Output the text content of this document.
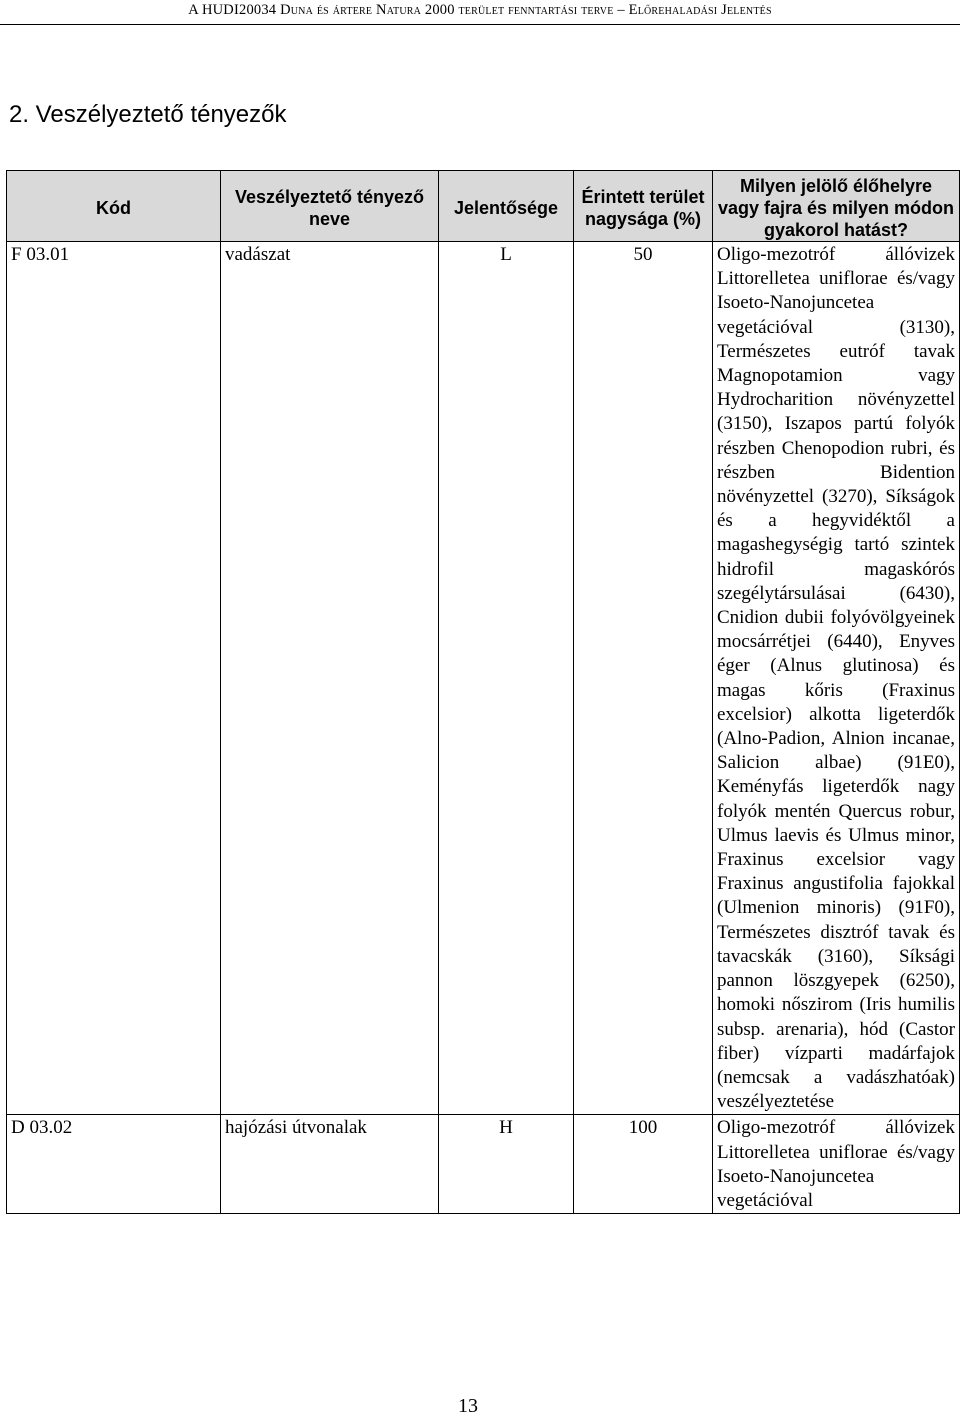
A HUDI20034 Duna és ártere Natura 2000 terület fenntartási terve – Előrehaladási Jelentés
2. Veszélyeztető tényezők
Kód	Veszélyeztető tényező neve	Jelentősége	Érintett terület nagysága (%)	Milyen jelölő élőhelyre vagy fajra és milyen módon gyakorol hatást?
F 03.01	vadászat	L	50	Oligo-mezotróf állóvizek Littorelletea uniflorae és/vagy Isoeto-Nanojuncetea vegetációval (3130), Természetes eutróf tavak Magnopotamion vagy Hydrocharition növényzettel (3150), Iszapos partú folyók részben Chenopodion rubri, és részben Bidention növényzettel (3270), Síkságok és a hegyvidéktől a magashegységig tartó szintek hidrofil magaskórós szegélytársulásai (6430), Cnidion dubii folyóvölgyeinek mocsárrétjei (6440), Enyves éger (Alnus glutinosa) és magas kőris (Fraxinus excelsior) alkotta ligeterdők (Alno-Padion, Alnion incanae, Salicion albae) (91E0), Keményfás ligeterdők nagy folyók mentén Quercus robur, Ulmus laevis és Ulmus minor, Fraxinus excelsior vagy Fraxinus angustifolia fajokkal (Ulmenion minoris) (91F0), Természetes disztróf tavak és tavacskák (3160), Síksági pannon löszgyepek (6250), homoki nőszirom (Iris humilis subsp. arenaria), hód (Castor fiber) vízparti madárfajok (nemcsak a vadászhatóak) veszélyeztetése
D 03.02	hajózási útvonalak	H	100	Oligo-mezotróf állóvizek Littorelletea uniflorae és/vagy Isoeto-Nanojuncetea vegetációval
13
